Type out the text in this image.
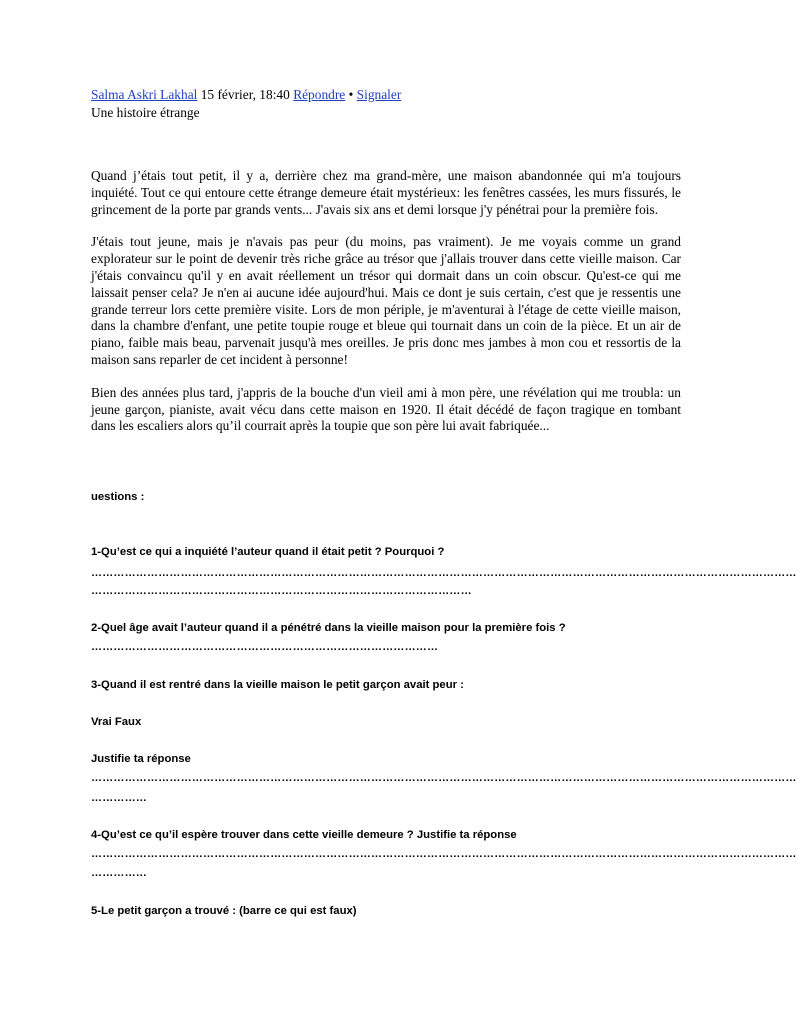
Salma Askri Lakhal 15 février, 18:40 Répondre • Signaler
Une histoire étrange

Quand j’étais tout petit, il y a, derrière chez ma grand-mère, une maison abandonnée qui m'a toujours inquiété. Tout ce qui entoure cette étrange demeure était mystérieux: les fenêtres cassées, les murs fissurés, le grincement de la porte par grands vents... J'avais six ans et demi lorsque j'y pénétrai pour la première fois.

J'étais tout jeune, mais je n'avais pas peur (du moins, pas vraiment). Je me voyais comme un grand explorateur sur le point de devenir très riche grâce au trésor que j'allais trouver dans cette vieille maison. Car j'étais convaincu qu'il y en avait réellement un trésor qui dormait dans un coin obscur. Qu'est-ce qui me laissait penser cela? Je n'en ai aucune idée aujourd'hui. Mais ce dont je suis certain, c'est que je ressentis une grande terreur lors cette première visite. Lors de mon périple, je m'aventurai à l'étage de cette vieille maison, dans la chambre d'enfant, une petite toupie rouge et bleue qui tournait dans un coin de la pièce. Et un air de piano, faible mais beau, parvenait jusqu'à mes oreilles. Je pris donc mes jambes à mon cou et ressortis de la maison sans reparler de cet incident à personne!

Bien des années plus tard, j'appris de la bouche d'un vieil ami à mon père, une révélation qui me troubla: un jeune garçon, pianiste, avait vécu dans cette maison en 1920. Il était décédé de façon tragique en tombant dans les escaliers alors qu’il courrait après la toupie que son père lui avait fabriquée...

uestions :
1-Qu’est ce qui a inquiété l’auteur quand il était petit ? Pourquoi ?
………………………………………………………………………………………………………………………………………………………………………
…………………………………………………………………………………………
2-Quel âge avait l’auteur quand il a pénétré dans la vieille maison pour la première fois ?
…………………………………………………………………………………
3-Quand il est rentré dans la vieille maison le petit garçon avait peur :
Vrai Faux
Justifie ta réponse
………………………………………………………………………………………………………………………………………………………………………
……………
4-Qu’est ce qu’il espère trouver dans cette vieille demeure ? Justifie ta réponse
………………………………………………………………………………………………………………………………………………………………………
……………
5-Le petit garçon a trouvé : (barre ce qui est faux)
